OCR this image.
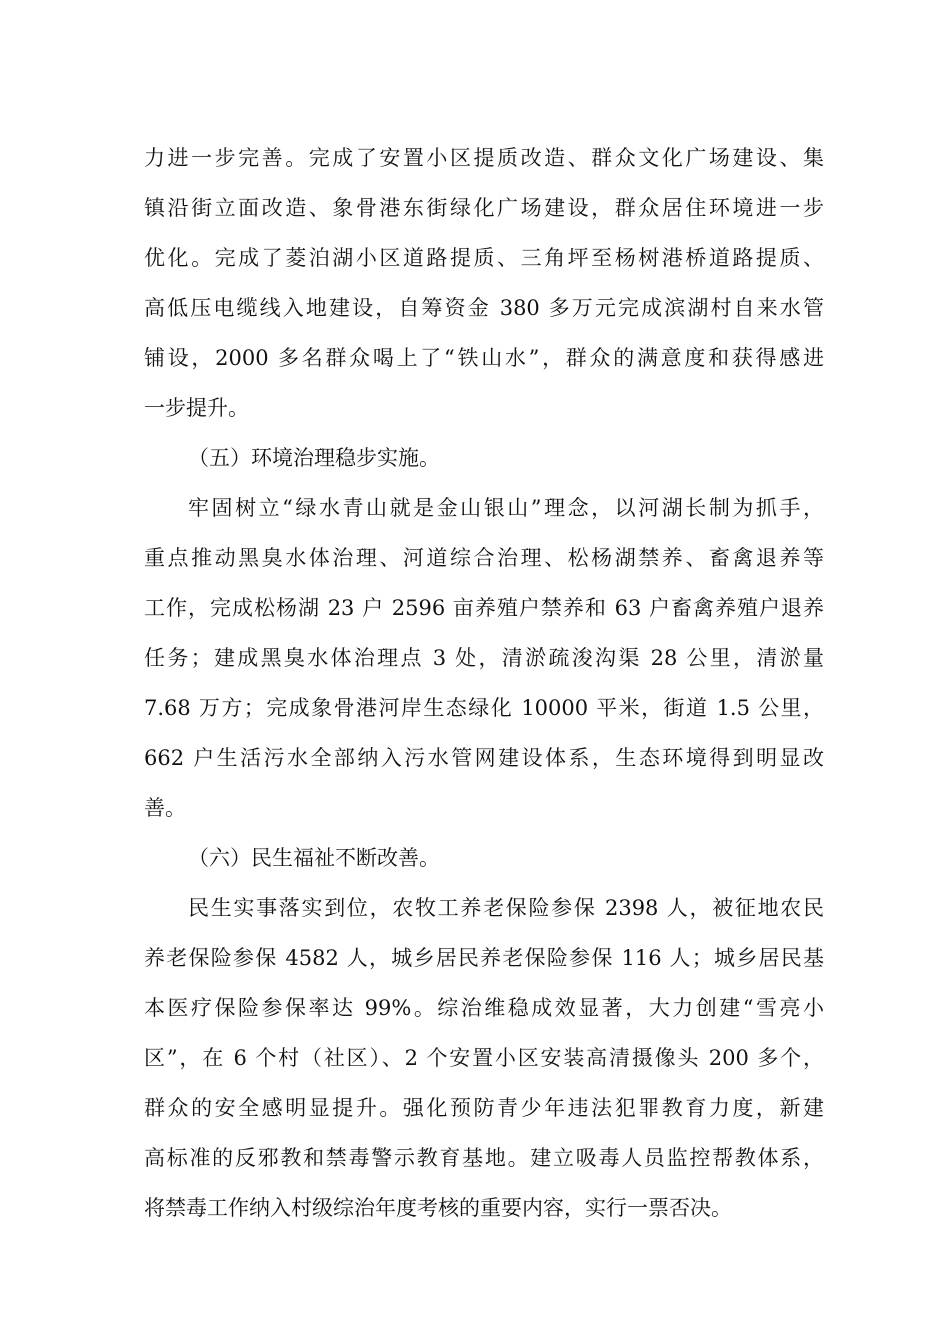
力进一步完善。完成了安置小区提质改造、群众文化广场建设、集
镇沿街立面改造、象骨港东街绿化广场建设，群众居住环境进一步
优化。完成了菱泊湖小区道路提质、三角坪至杨树港桥道路提质、
高低压电缆线入地建设，自筹资金 380 多万元完成滨湖村自来水管
铺设，2000 多名群众喝上了“铁山水”，群众的满意度和获得感进
一步提升。
（五）环境治理稳步实施。
牢固树立“绿水青山就是金山银山”理念，以河湖长制为抓手，
重点推动黑臭水体治理、河道综合治理、松杨湖禁养、畜禽退养等
工作，完成松杨湖 23 户 2596 亩养殖户禁养和 63 户畜禽养殖户退养
任务；建成黑臭水体治理点 3 处，清淤疏浚沟渠 28 公里，清淤量
7.68 万方；完成象骨港河岸生态绿化 10000 平米，街道 1.5 公里，
662 户生活污水全部纳入污水管网建设体系，生态环境得到明显改
善。
（六）民生福祉不断改善。
民生实事落实到位，农牧工养老保险参保 2398 人，被征地农民
养老保险参保 4582 人，城乡居民养老保险参保 116 人；城乡居民基
本医疗保险参保率达 99%。综治维稳成效显著，大力创建“雪亮小
区”，在 6 个村（社区）、2 个安置小区安装高清摄像头 200 多个，
群众的安全感明显提升。强化预防青少年违法犯罪教育力度，新建
高标准的反邪教和禁毒警示教育基地。建立吸毒人员监控帮教体系，
将禁毒工作纳入村级综治年度考核的重要内容，实行一票否决。
